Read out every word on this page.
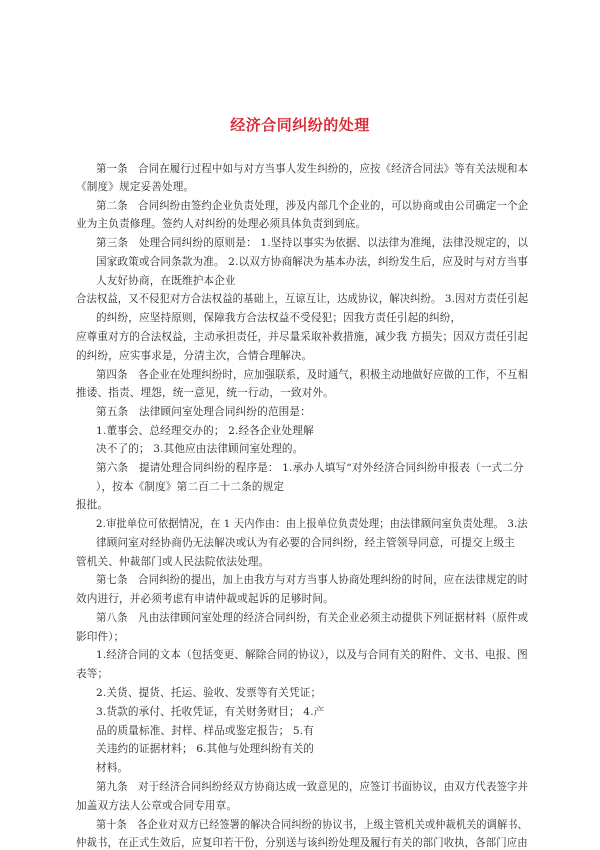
经济合同纠纷的处理
第一条　合同在履行过程中如与对方当事人发生纠纷的，应按《经济合同法》等有关法规和本
《制度》规定妥善处理。
第二条　合同纠纷由签约企业负责处理，涉及内部几个企业的，可以协商或由公司确定一个企
业为主负责修理。签约人对纠纷的处理必须具体负责到到底。
第三条　处理合同纠纷的原则是： 1.坚持以事实为依据、以法律为准绳，法律没规定的，以
国家政策或合同条款为准。 2.以双方协商解决为基本办法，纠纷发生后，应及时与对方当事
人友好协商，在既维护本企业
合法权益，又不侵犯对方合法权益的基础上，互谅互让，达成协议，解决纠纷。 3.因对方责任引起
的纠纷，应坚持原则，保障我方合法权益不受侵犯；因我方责任引起的纠纷，
应尊重对方的合法权益，主动承担责任，并尽量采取补救措施，减少我 方损失；因双方责任引起
的纠纷，应实事求是，分清主次，合情合理解决。
第四条　各企业在处理纠纷时，应加强联系，及时通气，积极主动地做好应做的工作，不互相
推诿、指责、埋怨，统一意见，统一行动，一致对外。
第五条　法律顾问室处理合同纠纷的范围是：
1.董事会、总经理交办的； 2.经各企业处理解
决不了的； 3.其他应由法律顾问室处理的。
第六条　提请处理合同纠纷的程序是： 1.承办人填写“对外经济合同纠纷申报表（一式二分
），按本《制度》第二百二十二条的规定
报批。
2.审批单位可依据情况，在 1 天内作由：由上报单位负责处理；由法律顾问室负责处理。 3.法
律顾问室对经协商仍无法解决或认为有必要的合同纠纷，经主管领导同意，可提交上级主
管机关、仲裁部门或人民法院依法处理。
第七条　合同纠纷的提出，加上由我方与对方当事人协商处理纠纷的时间，应在法律规定的时
效内进行，并必须考虑有申请仲裁或起诉的足够时间。
第八条　凡由法律顾问室处理的经济合同纠纷，有关企业必须主动提供下列证据材料（原件或
影印件）；
1.经济合同的文本（包括变更、解除合同的协议），以及与合同有关的附件、文书、电报、图
表等；
2.关货、提货、托运、验收、发票等有关凭证；
3.货款的承付、托收凭证，有关财务财目； 4.产
品的质量标准、封样、样品或鉴定报告； 5.有
关违约的证据材料； 6.其他与处理纠纷有关的
材料。
第九条　对于经济合同纠纷经双方协商达成一致意见的，应签订书面协议，由双方代表签字并
加盖双方法人公章或合同专用章。
第十条　各企业对双方已经签署的解决合同纠纷的协议书，上级主管机关或仲裁机关的调解书、
仲裁书，在正式生效后，应复印若干份，分别送与该纠纷处理及履行有关的部门收执，各部门应由
